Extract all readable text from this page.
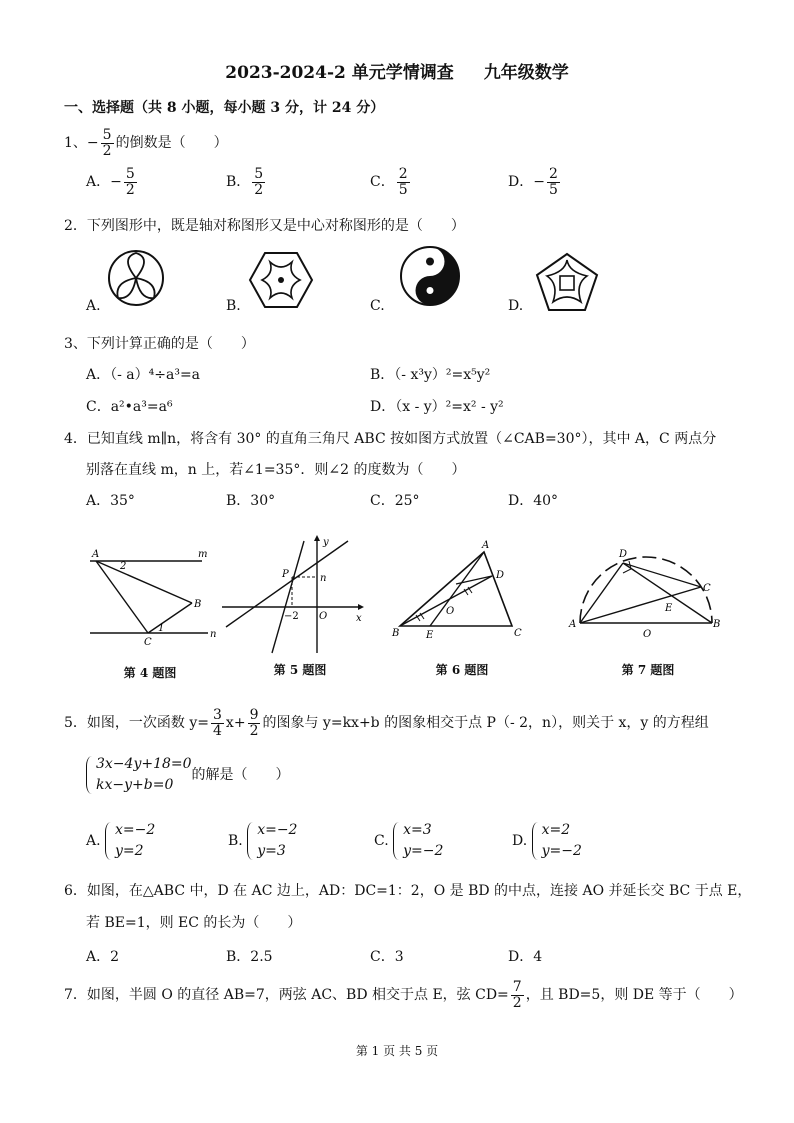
2023-2024-2 单元学情调查 九年级数学
一、选择题（共 8 小题，每小题 3 分，计 24 分）
1、− $\frac{5}{2}$ 的倒数是（　　）
A．− $\frac{5}{2}$	B． $\frac{5}{2}$	C． $\frac{2}{5}$	D．− $\frac{2}{5}$
2．下列图形中，既是轴对称图形又是中心对称图形的是（　　）
A.	B.	C.	D.
3、下列计算正确的是（　　）
A．（- a）⁴÷a³=a	B．（- x³y）²=x⁵y²
C．a²•a³=a⁶	D．（x - y）²=x² - y²
4．已知直线 m∥n，将含有 30° 的直角三角尺 ABC 按如图方式放置（∠CAB=30°），其中 A，C 两点分
别落在直线 m，n 上，若∠1=35°．则∠2 的度数为（　　）
A．35°	B．30°	C．25°	D．40°
A
2
m
B
C
1
n
第 4 题图
y
x
P	n
−2 O
第 5 题图
A
D
O
B	E	C
第 6 题图
D
C
E
A
O
B
第 7 题图
5．如图，一次函数 $y= \frac{3}{4} x+ \frac{9}{2}$ 的图象与 y=kx+b 的图象相交于点 P（- 2，n），则关于 x，y 的方程组
3x−4y+18=0
kx−y+b=0
的解是（　　）
A.
x=−2
y=2
B.
x=−2
y=3
C.
x=3
y=−2
D.
x=2
y=−2
6．如图，在△ABC 中，D 在 AC 边上，AD：DC=1：2，O 是 BD 的中点，连接 AO 并延长交 BC 于点 E，
若 BE=1，则 EC 的长为（　　）
A．2	B．2.5	C．3	D．4
7．如图，半圆 O 的直径 AB=7，两弦 AC、BD 相交于点 E，弦 $CD= \frac{7}{2}$ ，且 BD=5，则 DE 等于（　　）
第 1 页 共 5 页
